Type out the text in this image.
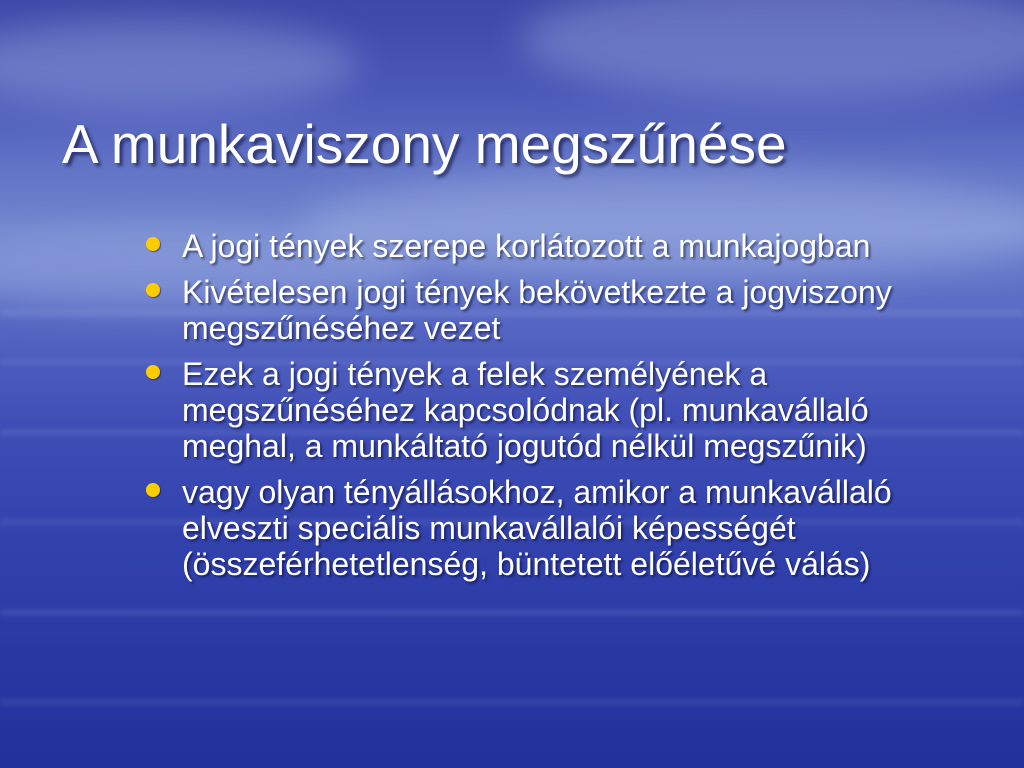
A munkaviszony megszűnése
A jogi tények szerepe korlátozott a munkajogban
Kivételesen jogi tények bekövetkezte a jogviszony megszűnéséhez vezet
Ezek a jogi tények a felek személyének a megszűnéséhez kapcsolódnak (pl. munkavállaló meghal, a munkáltató jogutód nélkül megszűnik)
vagy olyan tényállásokhoz, amikor a munkavállaló elveszti speciális munkavállalói képességét (összeférhetetlenség, büntetett előéletűvé válás)
